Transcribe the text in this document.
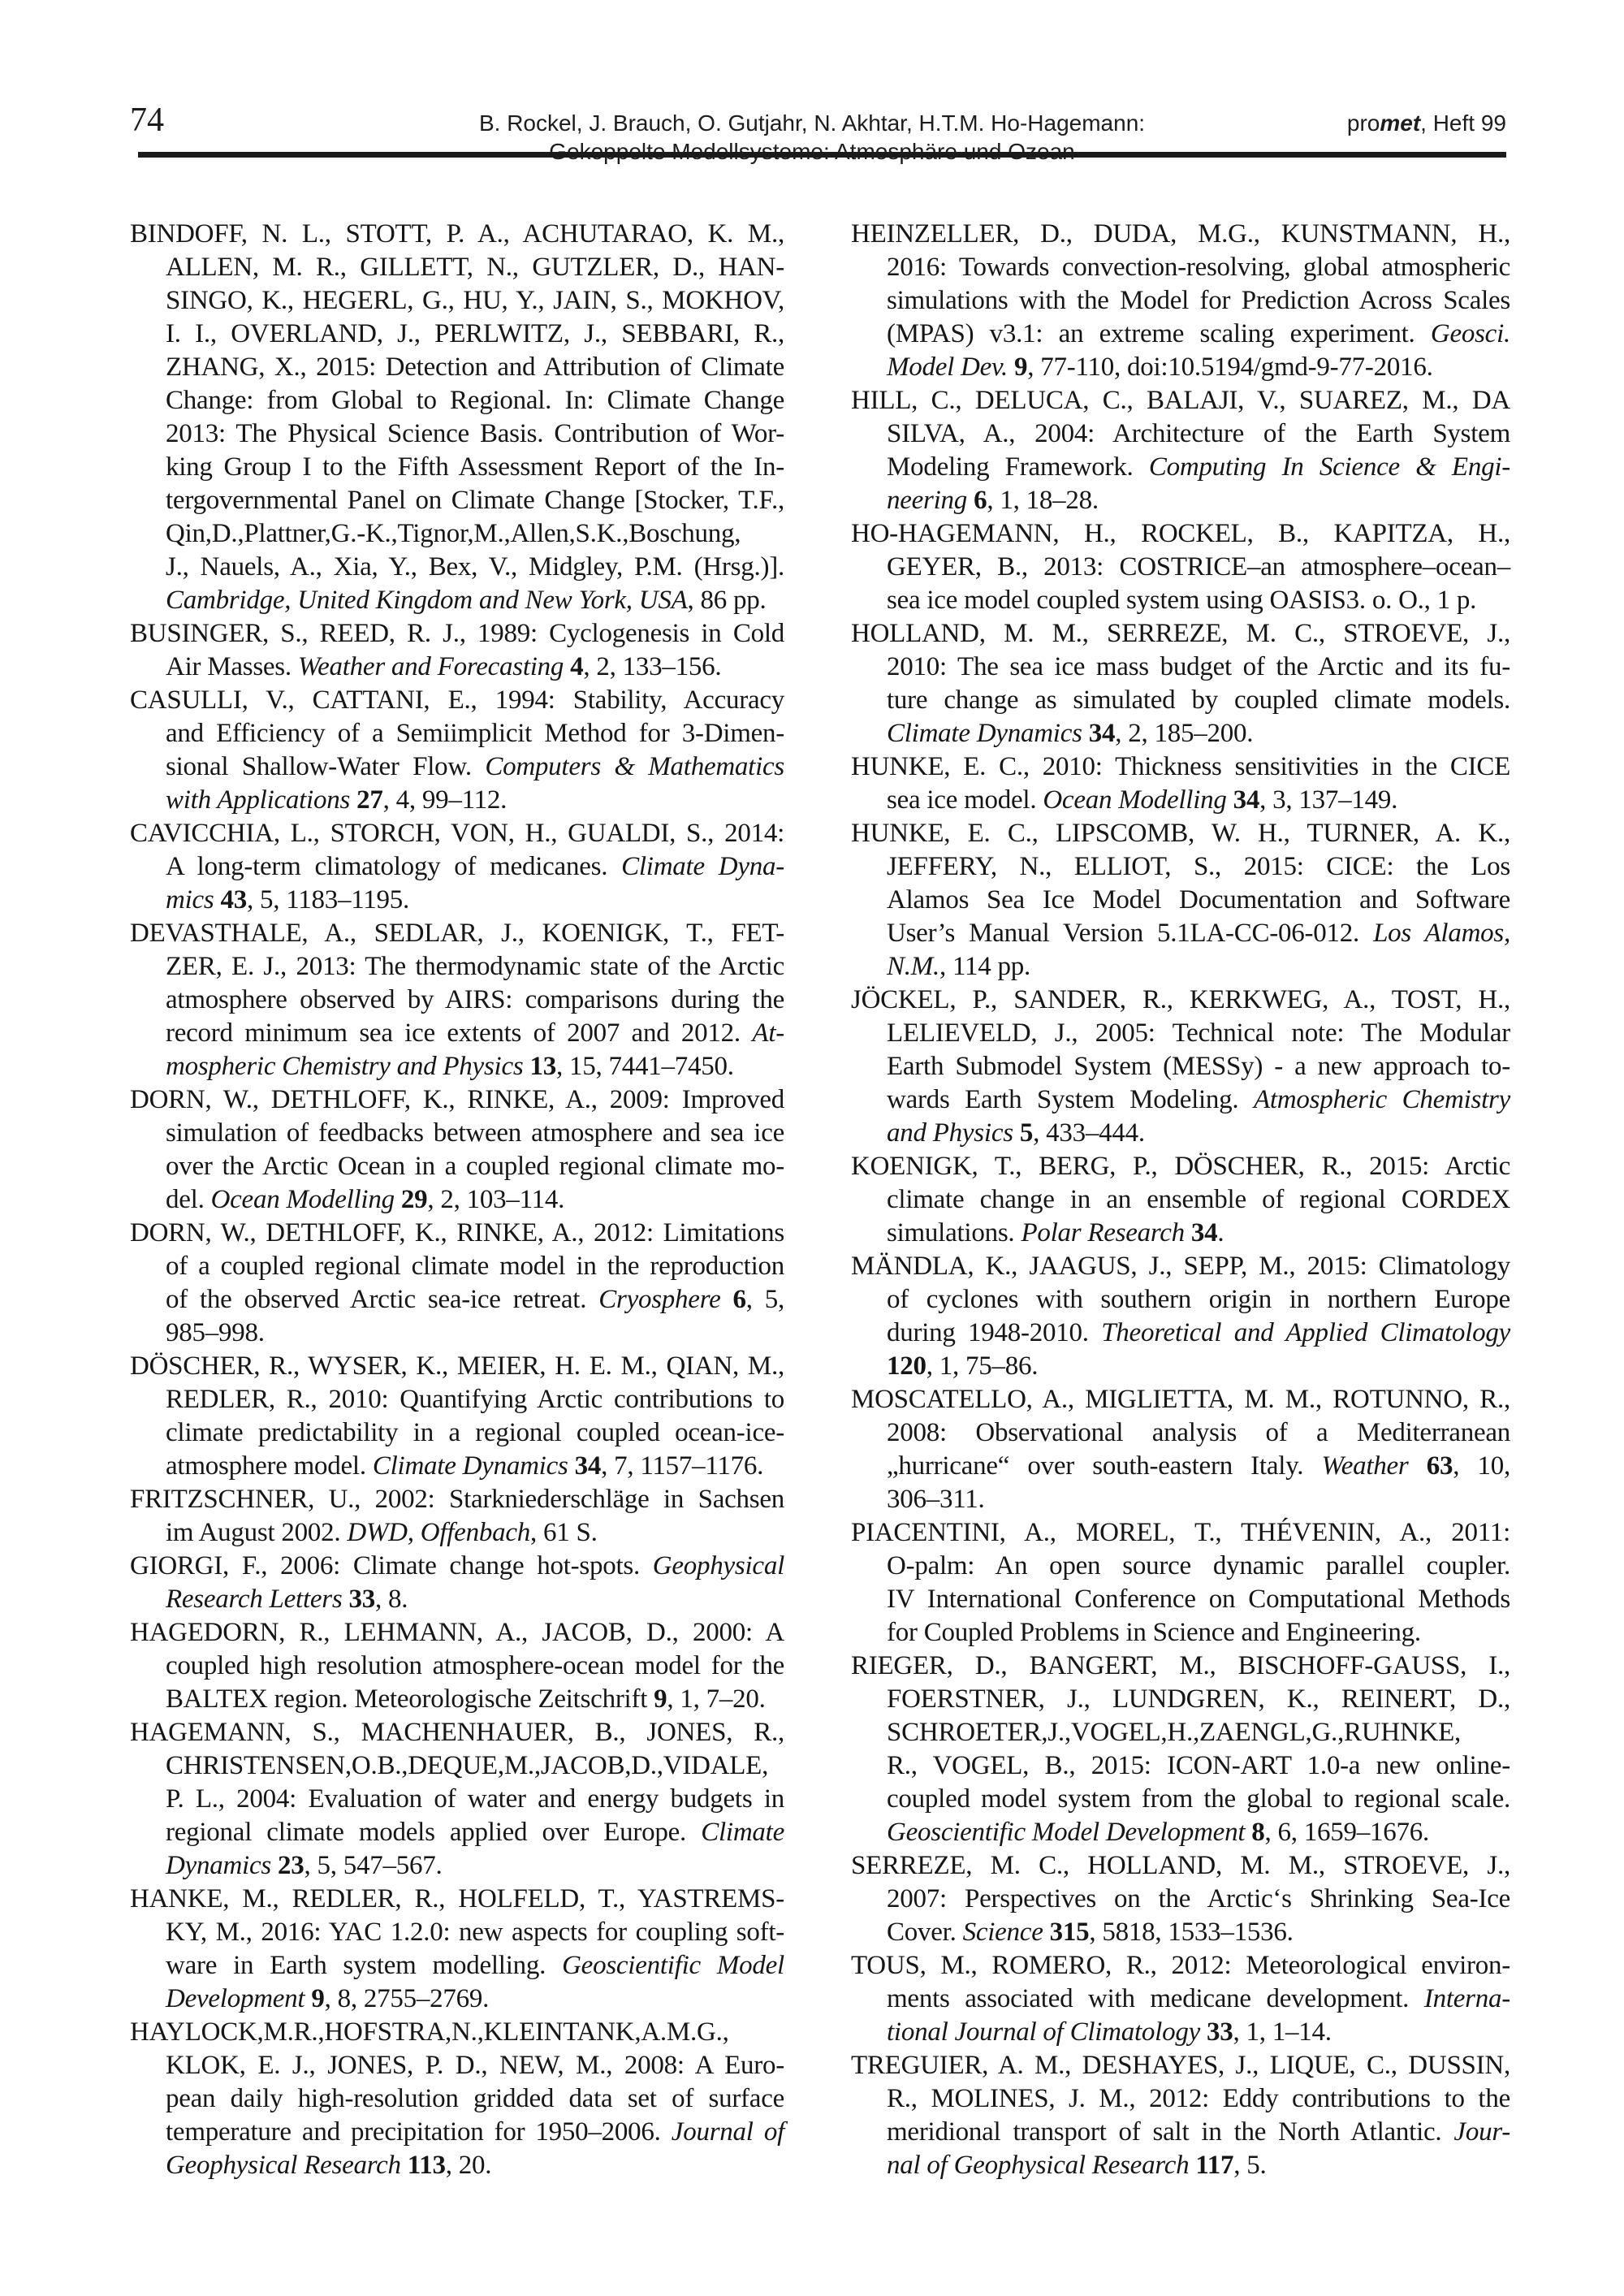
74	B. Rockel, J. Brauch, O. Gutjahr, N. Akhtar, H.T.M. Ho-Hagemann:	promet, Heft 99
BINDOFF, N. L., STOTT, P. A., ACHUTARAO, K. M.,
ALLEN, M. R., GILLETT, N., GUTZLER, D., HAN-
SINGO, K., HEGERL, G., HU, Y., JAIN, S., MOKHOV,
I. I., OVERLAND, J., PERLWITZ, J., SEBBARI, R.,
ZHANG, X., 2015: Detection and Attribution of Climate
Change: from Global to Regional. In: Climate Change
2013: The Physical Science Basis. Contribution of Wor-
king Group I to the Fifth Assessment Report of the In-
tergovernmental Panel on Climate Change [Stocker, T.F.,
Qin,D.,Plattner,G.-K.,Tignor,M.,Allen,S.K.,Boschung,
J., Nauels, A., Xia, Y., Bex, V., Midgley, P.M. (Hrsg.)].
Cambridge, United Kingdom and New York, USA, 86 pp.
BUSINGER, S., REED, R. J., 1989: Cyclogenesis in Cold
Air Masses. Weather and Forecasting 4, 2, 133–156.
CASULLI, V., CATTANI, E., 1994: Stability, Accuracy
and Efficiency of a Semiimplicit Method for 3-Dimen-
sional Shallow-Water Flow. Computers & Mathematics
with Applications 27, 4, 99–112.
CAVICCHIA, L., STORCH, VON, H., GUALDI, S., 2014:
A long-term climatology of medicanes. Climate Dyna-
mics 43, 5, 1183–1195.
DEVASTHALE, A., SEDLAR, J., KOENIGK, T., FET-
ZER, E. J., 2013: The thermodynamic state of the Arctic
atmosphere observed by AIRS: comparisons during the
record minimum sea ice extents of 2007 and 2012. At-
mospheric Chemistry and Physics 13, 15, 7441–7450.
DORN, W., DETHLOFF, K., RINKE, A., 2009: Improved
simulation of feedbacks between atmosphere and sea ice
over the Arctic Ocean in a coupled regional climate mo-
del. Ocean Modelling 29, 2, 103–114.
DORN, W., DETHLOFF, K., RINKE, A., 2012: Limitations
of a coupled regional climate model in the reproduction
of the observed Arctic sea-ice retreat. Cryosphere 6, 5,
985–998.
DÖSCHER, R., WYSER, K., MEIER, H. E. M., QIAN, M.,
REDLER, R., 2010: Quantifying Arctic contributions to
climate predictability in a regional coupled ocean-ice-
atmosphere model. Climate Dynamics 34, 7, 1157–1176.
FRITZSCHNER, U., 2002: Starkniederschläge in Sachsen
im August 2002. DWD, Offenbach, 61 S.
GIORGI, F., 2006: Climate change hot-spots. Geophysical
Research Letters 33, 8.
HAGEDORN, R., LEHMANN, A., JACOB, D., 2000: A
coupled high resolution atmosphere-ocean model for the
BALTEX region. Meteorologische Zeitschrift 9, 1, 7–20.
HAGEMANN, S., MACHENHAUER, B., JONES, R.,
CHRISTENSEN,O.B.,DEQUE,M.,JACOB,D.,VIDALE,
P. L., 2004: Evaluation of water and energy budgets in
regional climate models applied over Europe. Climate
Dynamics 23, 5, 547–567.
HANKE, M., REDLER, R., HOLFELD, T., YASTREMS-
KY, M., 2016: YAC 1.2.0: new aspects for coupling soft-
ware in Earth system modelling. Geoscientific Model
Development 9, 8, 2755–2769.
HAYLOCK,M.R.,HOFSTRA,N.,KLEINTANK,A.M.G.,
KLOK, E. J., JONES, P. D., NEW, M., 2008: A Euro-
pean daily high-resolution gridded data set of surface
temperature and precipitation for 1950–2006. Journal of
Geophysical Research 113, 20.
HEINZELLER, D., DUDA, M.G., KUNSTMANN, H.,
2016: Towards convection-resolving, global atmospheric
simulations with the Model for Prediction Across Scales
(MPAS) v3.1: an extreme scaling experiment. Geosci.
Model Dev. 9, 77-110, doi:10.5194/gmd-9-77-2016.
HILL, C., DELUCA, C., BALAJI, V., SUAREZ, M., DA
SILVA, A., 2004: Architecture of the Earth System
Modeling Framework. Computing In Science & Engi-
neering 6, 1, 18–28.
HO-HAGEMANN, H., ROCKEL, B., KAPITZA, H.,
GEYER, B., 2013: COSTRICE–an atmosphere–ocean–
sea ice model coupled system using OASIS3. o. O., 1 p.
HOLLAND, M. M., SERREZE, M. C., STROEVE, J.,
2010: The sea ice mass budget of the Arctic and its fu-
ture change as simulated by coupled climate models.
Climate Dynamics 34, 2, 185–200.
HUNKE, E. C., 2010: Thickness sensitivities in the CICE
sea ice model. Ocean Modelling 34, 3, 137–149.
HUNKE, E. C., LIPSCOMB, W. H., TURNER, A. K.,
JEFFERY, N., ELLIOT, S., 2015: CICE: the Los
Alamos Sea Ice Model Documentation and Software
User’s Manual Version 5.1LA-CC-06-012. Los Alamos,
N.M., 114 pp.
JÖCKEL, P., SANDER, R., KERKWEG, A., TOST, H.,
LELIEVELD, J., 2005: Technical note: The Modular
Earth Submodel System (MESSy) - a new approach to-
wards Earth System Modeling. Atmospheric Chemistry
and Physics 5, 433–444.
KOENIGK, T., BERG, P., DÖSCHER, R., 2015: Arctic
climate change in an ensemble of regional CORDEX
simulations. Polar Research 34.
MÄNDLA, K., JAAGUS, J., SEPP, M., 2015: Climatology
of cyclones with southern origin in northern Europe
during 1948-2010. Theoretical and Applied Climatology
120, 1, 75–86.
MOSCATELLO, A., MIGLIETTA, M. M., ROTUNNO, R.,
2008: Observational analysis of a Mediterranean
„hurricane“ over south-eastern Italy. Weather 63, 10,
306–311.
PIACENTINI, A., MOREL, T., THÉVENIN, A., 2011:
O-palm: An open source dynamic parallel coupler.
IV International Conference on Computational Methods
for Coupled Problems in Science and Engineering.
RIEGER, D., BANGERT, M., BISCHOFF-GAUSS, I.,
FOERSTNER, J., LUNDGREN, K., REINERT, D.,
SCHROETER,J.,VOGEL,H.,ZAENGL,G.,RUHNKE,
R., VOGEL, B., 2015: ICON-ART 1.0-a new online-
coupled model system from the global to regional scale.
Geoscientific Model Development 8, 6, 1659–1676.
SERREZE, M. C., HOLLAND, M. M., STROEVE, J.,
2007: Perspectives on the Arctic‘s Shrinking Sea-Ice
Cover. Science 315, 5818, 1533–1536.
TOUS, M., ROMERO, R., 2012: Meteorological environ-
ments associated with medicane development. Interna-
tional Journal of Climatology 33, 1, 1–14.
TREGUIER, A. M., DESHAYES, J., LIQUE, C., DUSSIN,
R., MOLINES, J. M., 2012: Eddy contributions to the
meridional transport of salt in the North Atlantic. Jour-
nal of Geophysical Research 117, 5.
